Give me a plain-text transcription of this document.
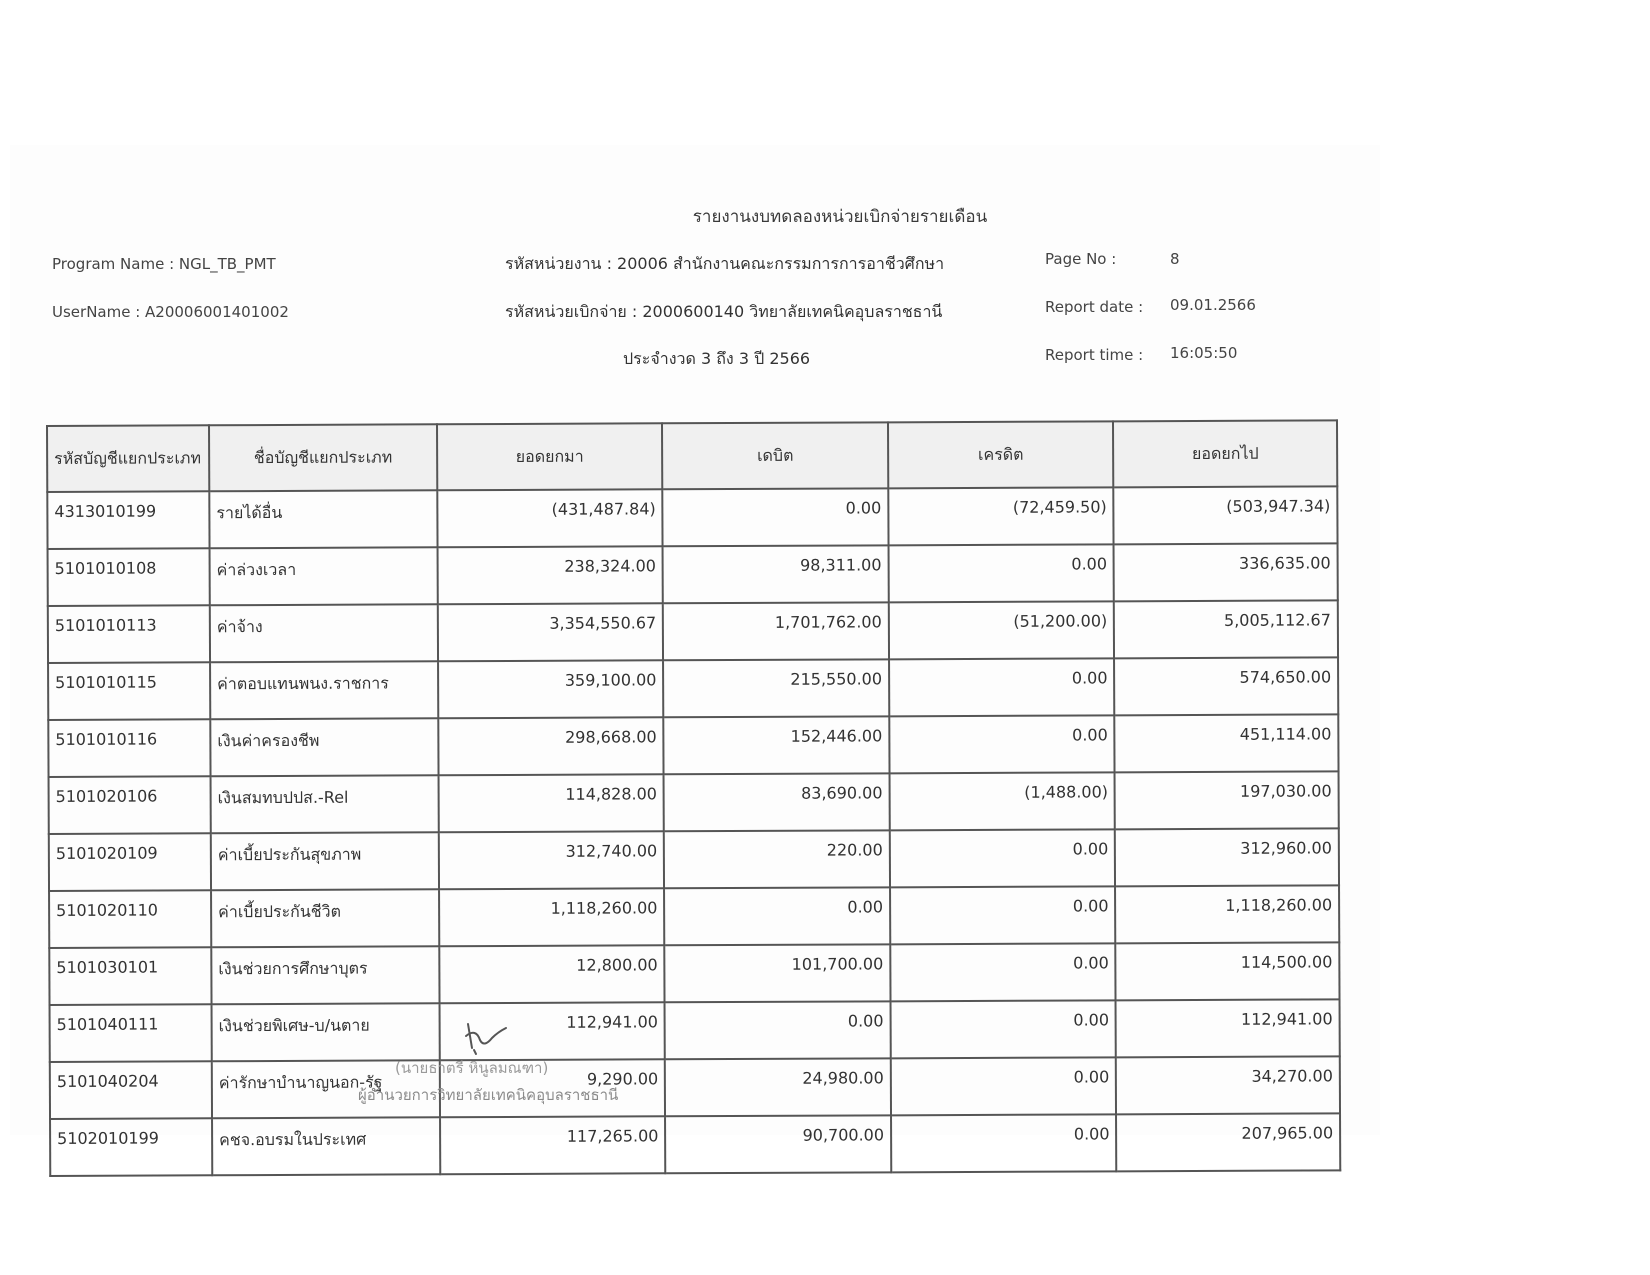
รายงานงบทดลองหน่วยเบิกจ่ายรายเดือน
Program Name : NGL_TB_PMT
UserName : A20006001401002
รหัสหน่วยงาน : 20006 สำนักงานคณะกรรมการการอาชีวศึกษา
รหัสหน่วยเบิกจ่าย : 2000600140 วิทยาลัยเทคนิคอุบลราชธานี
ประจำงวด 3 ถึง 3 ปี 2566
Page No :	8
Report date : 09.01.2566
Report time : 16:05:50
รหัสบัญชีแยกประเภท	ชื่อบัญชีแยกประเภท	ยอดยกมา	เดบิต	เครดิต	ยอดยกไป
4313010199	รายได้อื่น	(431,487.84)	0.00	(72,459.50)	(503,947.34)
5101010108	ค่าล่วงเวลา	238,324.00	98,311.00	0.00	336,635.00
5101010113	ค่าจ้าง	3,354,550.67	1,701,762.00	(51,200.00)	5,005,112.67
5101010115	ค่าตอบแทนพนง.ราชการ	359,100.00	215,550.00	0.00	574,650.00
5101010116	เงินค่าครองชีพ	298,668.00	152,446.00	0.00	451,114.00
5101020106	เงินสมทบปปส.-Rel	114,828.00	83,690.00	(1,488.00)	197,030.00
5101020109	ค่าเบี้ยประกันสุขภาพ	312,740.00	220.00	0.00	312,960.00
5101020110	ค่าเบี้ยประกันชีวิต	1,118,260.00	0.00	0.00	1,118,260.00
5101030101	เงินช่วยการศึกษาบุตร	12,800.00	101,700.00	0.00	114,500.00
5101040111	เงินช่วยพิเศษ-บ/นตาย	112,941.00	0.00	0.00	112,941.00
5101040204	ค่ารักษาบำนาญนอก-รัฐ	9,290.00	24,980.00	0.00	34,270.00
5102010199	คชจ.อบรมในประเทศ	117,265.00	90,700.00	0.00	207,965.00
(นายธาตรี หินูลมณฑา)
ผู้อำนวยการวิทยาลัยเทคนิคอุบลราชธานี
